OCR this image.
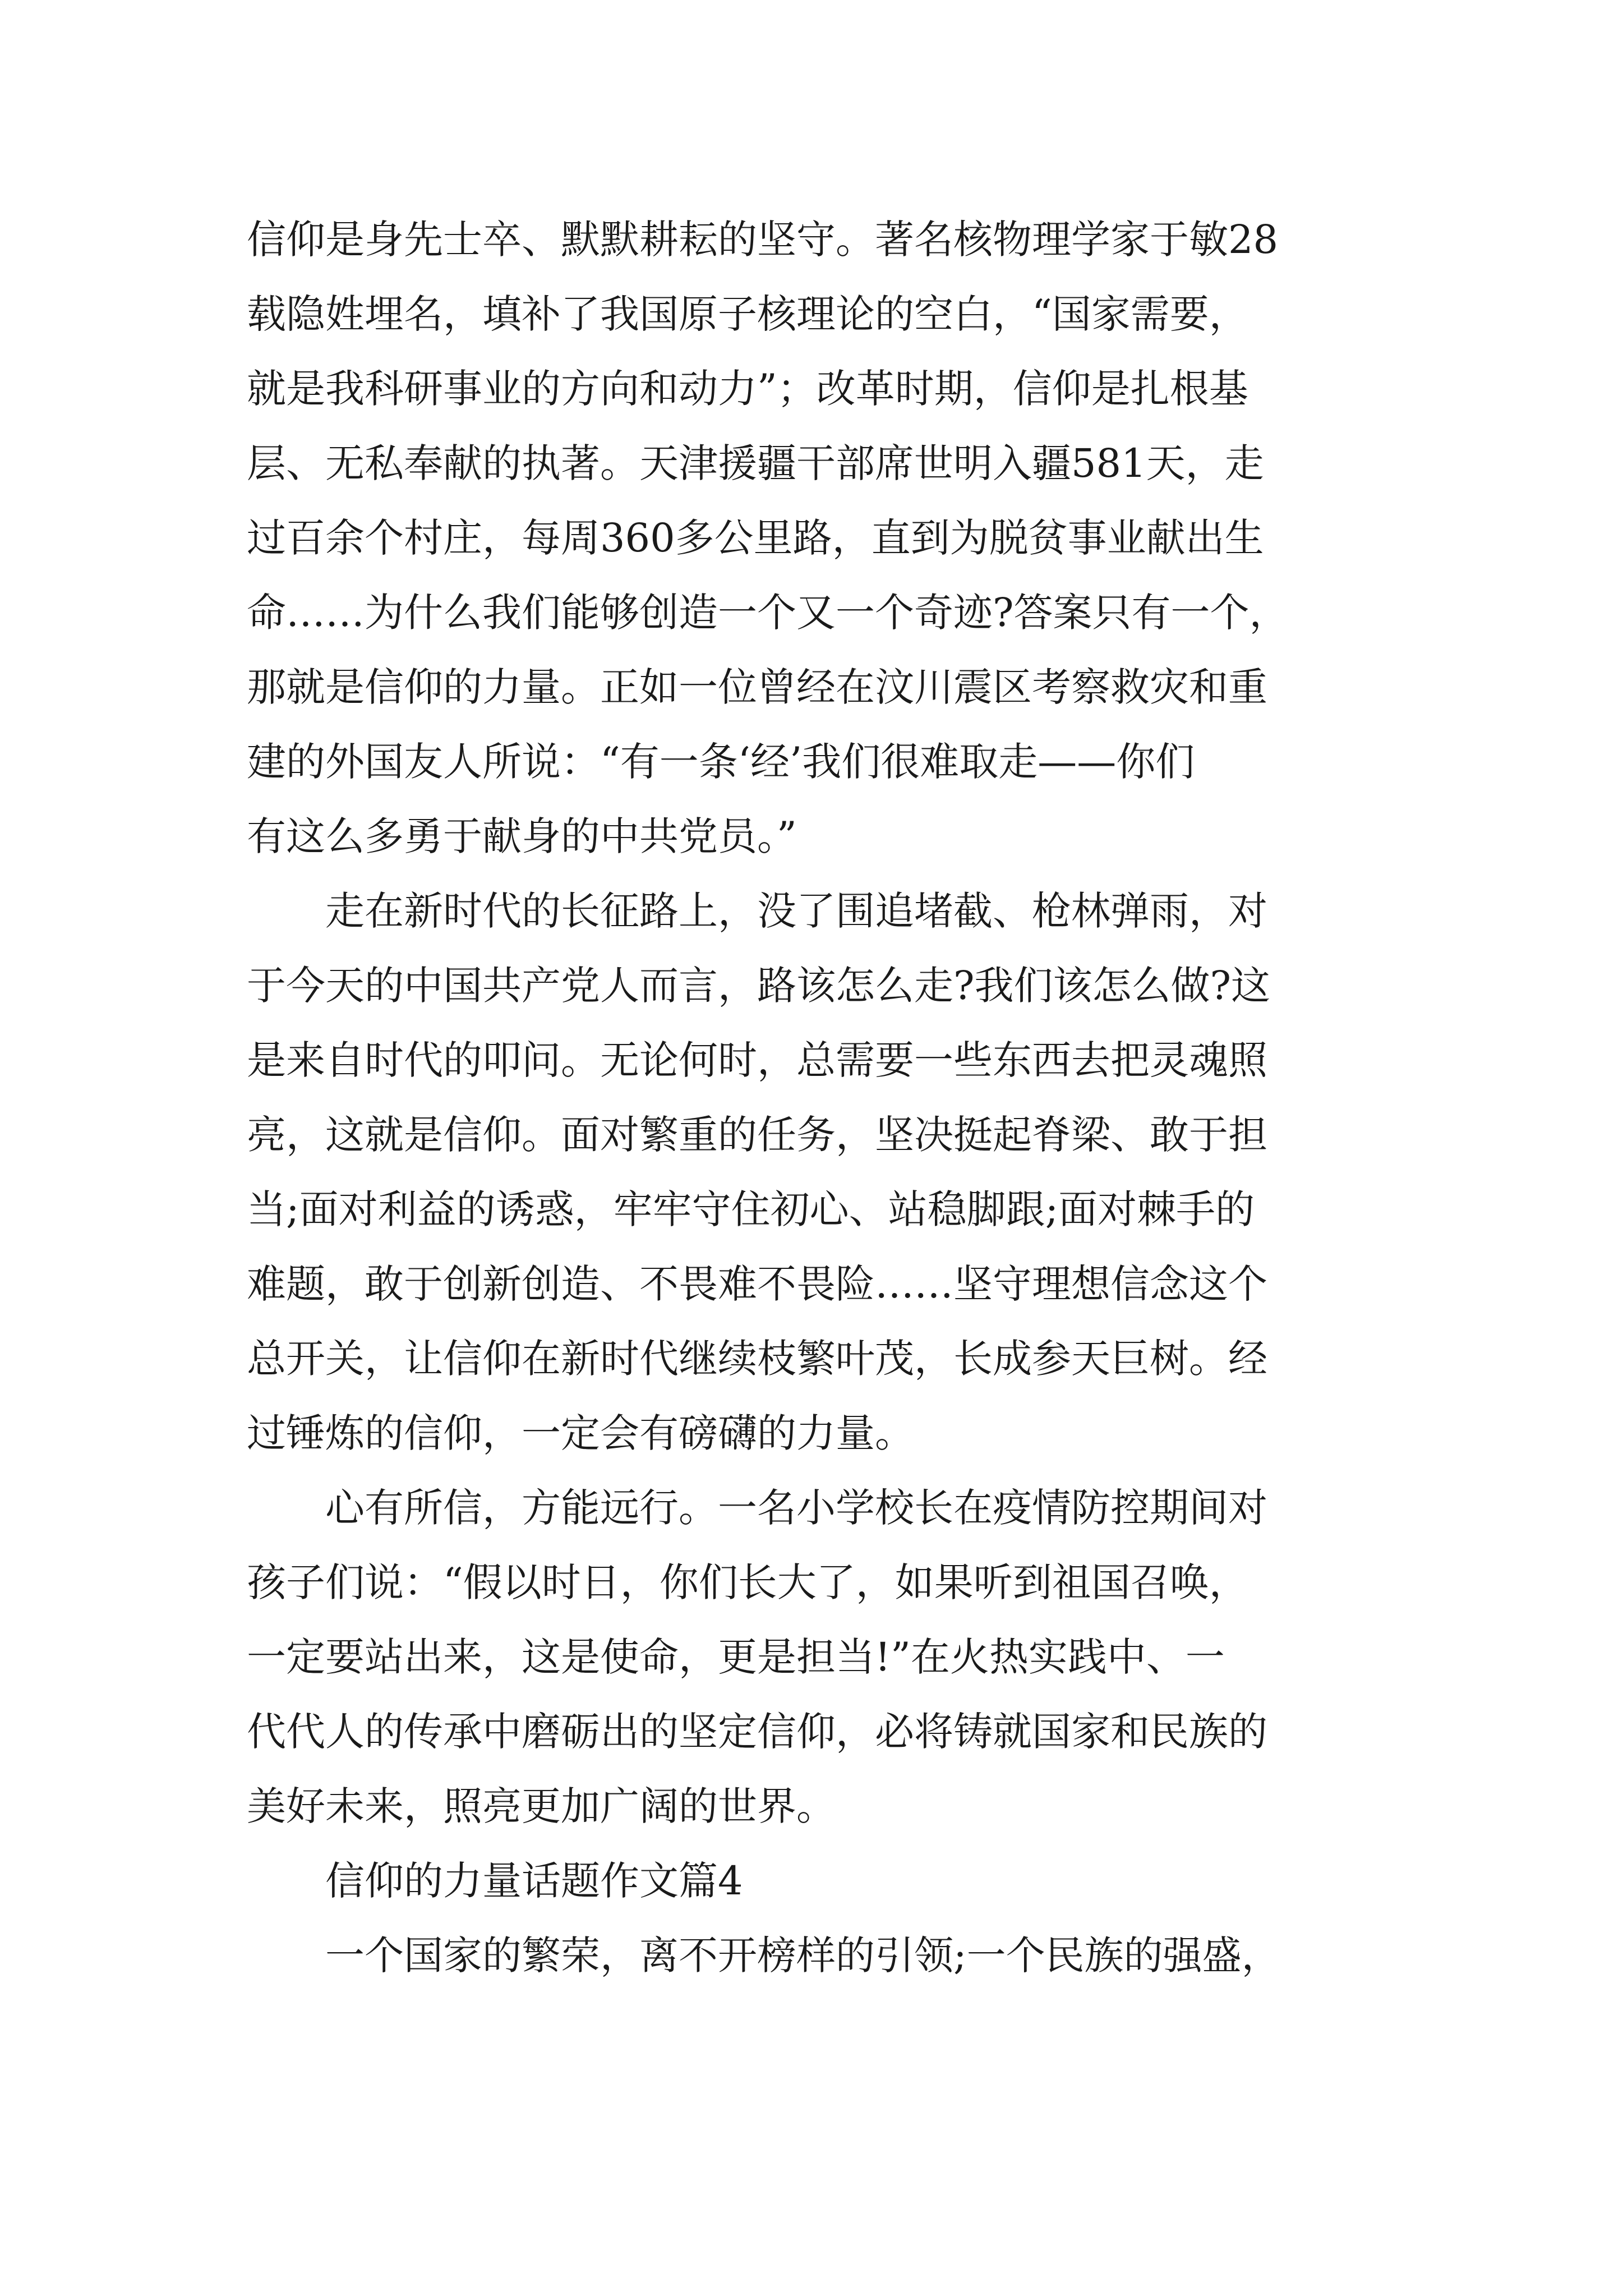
信仰是身先士卒、默默耕耘的坚守。著名核物理学家于敏28
载隐姓埋名，填补了我国原子核理论的空白，“国家需要，
就是我科研事业的方向和动力”；改革时期，信仰是扎根基
层、无私奉献的执著。天津援疆干部席世明入疆581天，走
过百余个村庄，每周360多公里路，直到为脱贫事业献出生
命……为什么我们能够创造一个又一个奇迹?答案只有一个，
那就是信仰的力量。正如一位曾经在汶川震区考察救灾和重
建的外国友人所说：“有一条‘经’我们很难取走——你们
有这么多勇于献身的中共党员。”
走在新时代的长征路上，没了围追堵截、枪林弹雨，对
于今天的中国共产党人而言，路该怎么走?我们该怎么做?这
是来自时代的叩问。无论何时，总需要一些东西去把灵魂照
亮，这就是信仰。面对繁重的任务，坚决挺起脊梁、敢于担
当;面对利益的诱惑，牢牢守住初心、站稳脚跟;面对棘手的
难题，敢于创新创造、不畏难不畏险……坚守理想信念这个
总开关，让信仰在新时代继续枝繁叶茂，长成参天巨树。经
过锤炼的信仰，一定会有磅礴的力量。
心有所信，方能远行。一名小学校长在疫情防控期间对
孩子们说：“假以时日，你们长大了，如果听到祖国召唤，
一定要站出来，这是使命，更是担当!”在火热实践中、一
代代人的传承中磨砺出的坚定信仰，必将铸就国家和民族的
美好未来，照亮更加广阔的世界。
信仰的力量话题作文篇4
一个国家的繁荣，离不开榜样的引领;一个民族的强盛，
